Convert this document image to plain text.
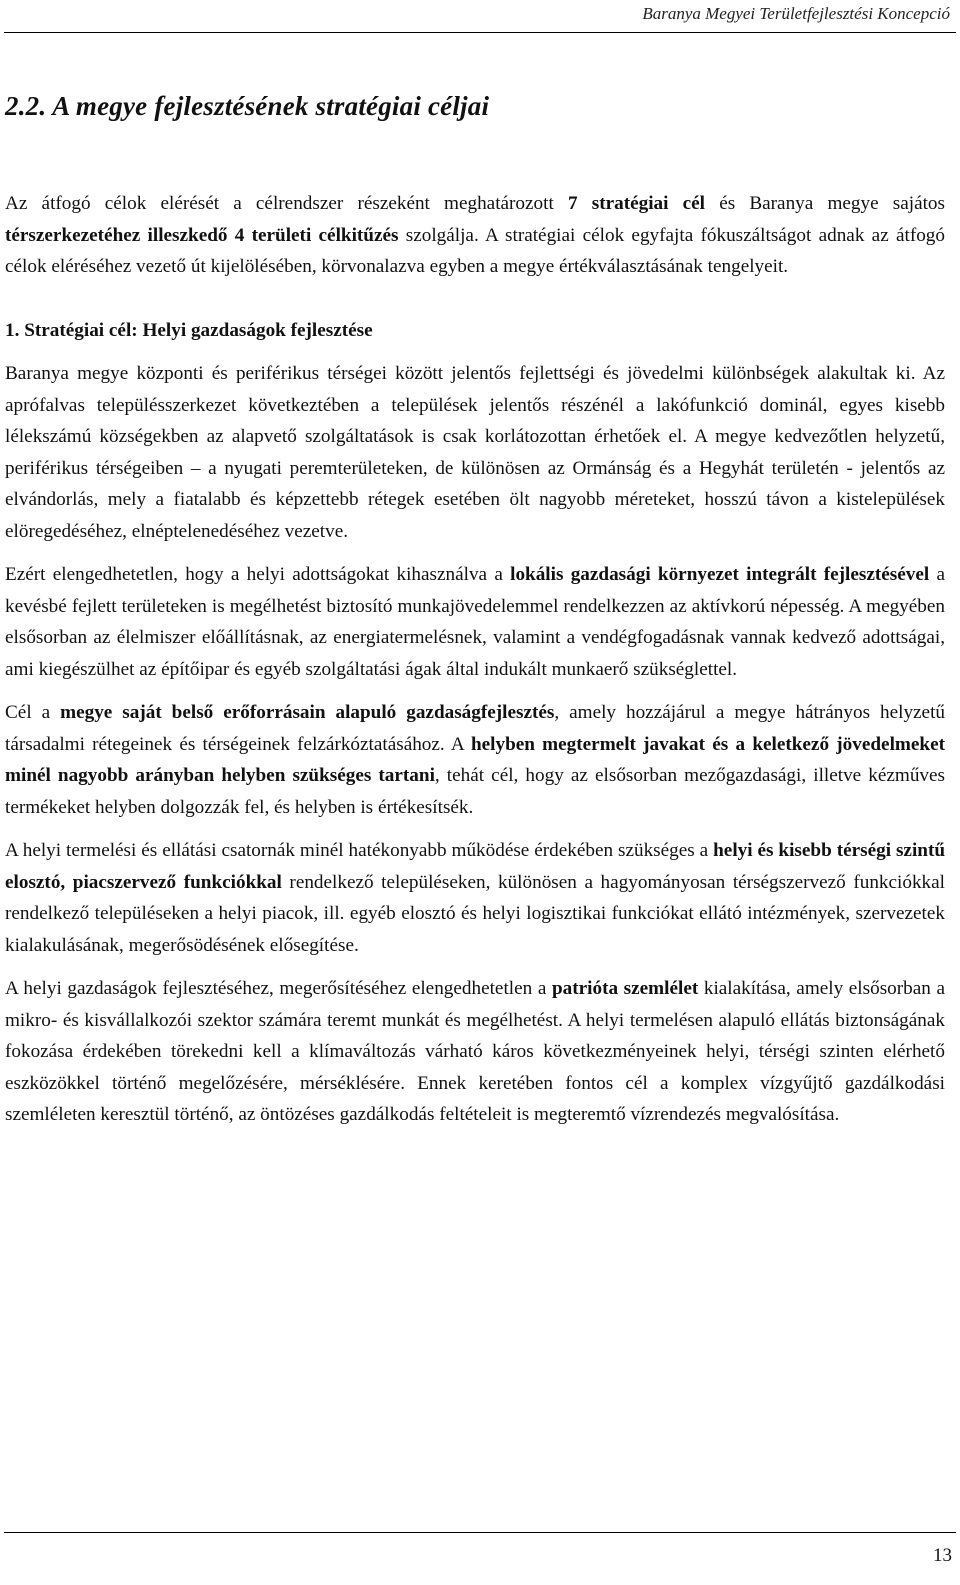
Baranya Megyei Területfejlesztési Koncepció
2.2. A megye fejlesztésének stratégiai céljai

Az átfogó célok elérését a célrendszer részeként meghatározott 7 stratégiai cél és Baranya megye sajátos térszerkezetéhez illeszkedő 4 területi célkitűzés szolgálja. A stratégiai célok egyfajta fókuszáltságot adnak az átfogó célok eléréséhez vezető út kijelölésében, körvonalazva egyben a megye értékválasztásának tengelyeit.

1. Stratégiai cél: Helyi gazdaságok fejlesztése

Baranya megye központi és periférikus térségei között jelentős fejlettségi és jövedelmi különbségek alakultak ki. Az aprófalvas településszerkezet következtében a települések jelentős részénél a lakófunkció dominál, egyes kisebb lélekszámú községekben az alapvető szolgáltatások is csak korlátozottan érhetőek el. A megye kedvezőtlen helyzetű, periférikus térségeiben – a nyugati peremterületeken, de különösen az Ormánság és a Hegyhát területén - jelentős az elvándorlás, mely a fiatalabb és képzettebb rétegek esetében ölt nagyobb méreteket, hosszú távon a kistelepülések elöregedéséhez, elnéptelenedéséhez vezetve.

Ezért elengedhetetlen, hogy a helyi adottságokat kihasználva a lokális gazdasági környezet integrált fejlesztésével a kevésbé fejlett területeken is megélhetést biztosító munkajövedelemmel rendelkezzen az aktívkorú népesség. A megyében elsősorban az élelmiszer előállításnak, az energiatermelésnek, valamint a vendégfogadásnak vannak kedvező adottságai, ami kiegészülhet az építőipar és egyéb szolgáltatási ágak által indukált munkaerő szükséglettel.

Cél a megye saját belső erőforrásain alapuló gazdaságfejlesztés, amely hozzájárul a megye hátrányos helyzetű társadalmi rétegeinek és térségeinek felzárkóztatásához. A helyben megtermelt javakat és a keletkező jövedelmeket minél nagyobb arányban helyben szükséges tartani, tehát cél, hogy az elsősorban mezőgazdasági, illetve kézműves termékeket helyben dolgozzák fel, és helyben is értékesítsék.

A helyi termelési és ellátási csatornák minél hatékonyabb működése érdekében szükséges a helyi és kisebb térségi szintű elosztó, piacszervező funkciókkal rendelkező településeken, különösen a hagyományosan térségszervező funkciókkal rendelkező településeken a helyi piacok, ill. egyéb elosztó és helyi logisztikai funkciókat ellátó intézmények, szervezetek kialakulásának, megerősödésének elősegítése.

A helyi gazdaságok fejlesztéséhez, megerősítéséhez elengedhetetlen a patrióta szemlélet kialakítása, amely elsősorban a mikro- és kisvállalkozói szektor számára teremt munkát és megélhetést. A helyi termelésen alapuló ellátás biztonságának fokozása érdekében törekedni kell a klímaváltozás várható káros következményeinek helyi, térségi szinten elérhető eszközökkel történő megelőzésére, mérséklésére. Ennek keretében fontos cél a komplex vízgyűjtő gazdálkodási szemléleten keresztül történő, az öntözéses gazdálkodás feltételeit is megteremtő vízrendezés megvalósítása.

13
